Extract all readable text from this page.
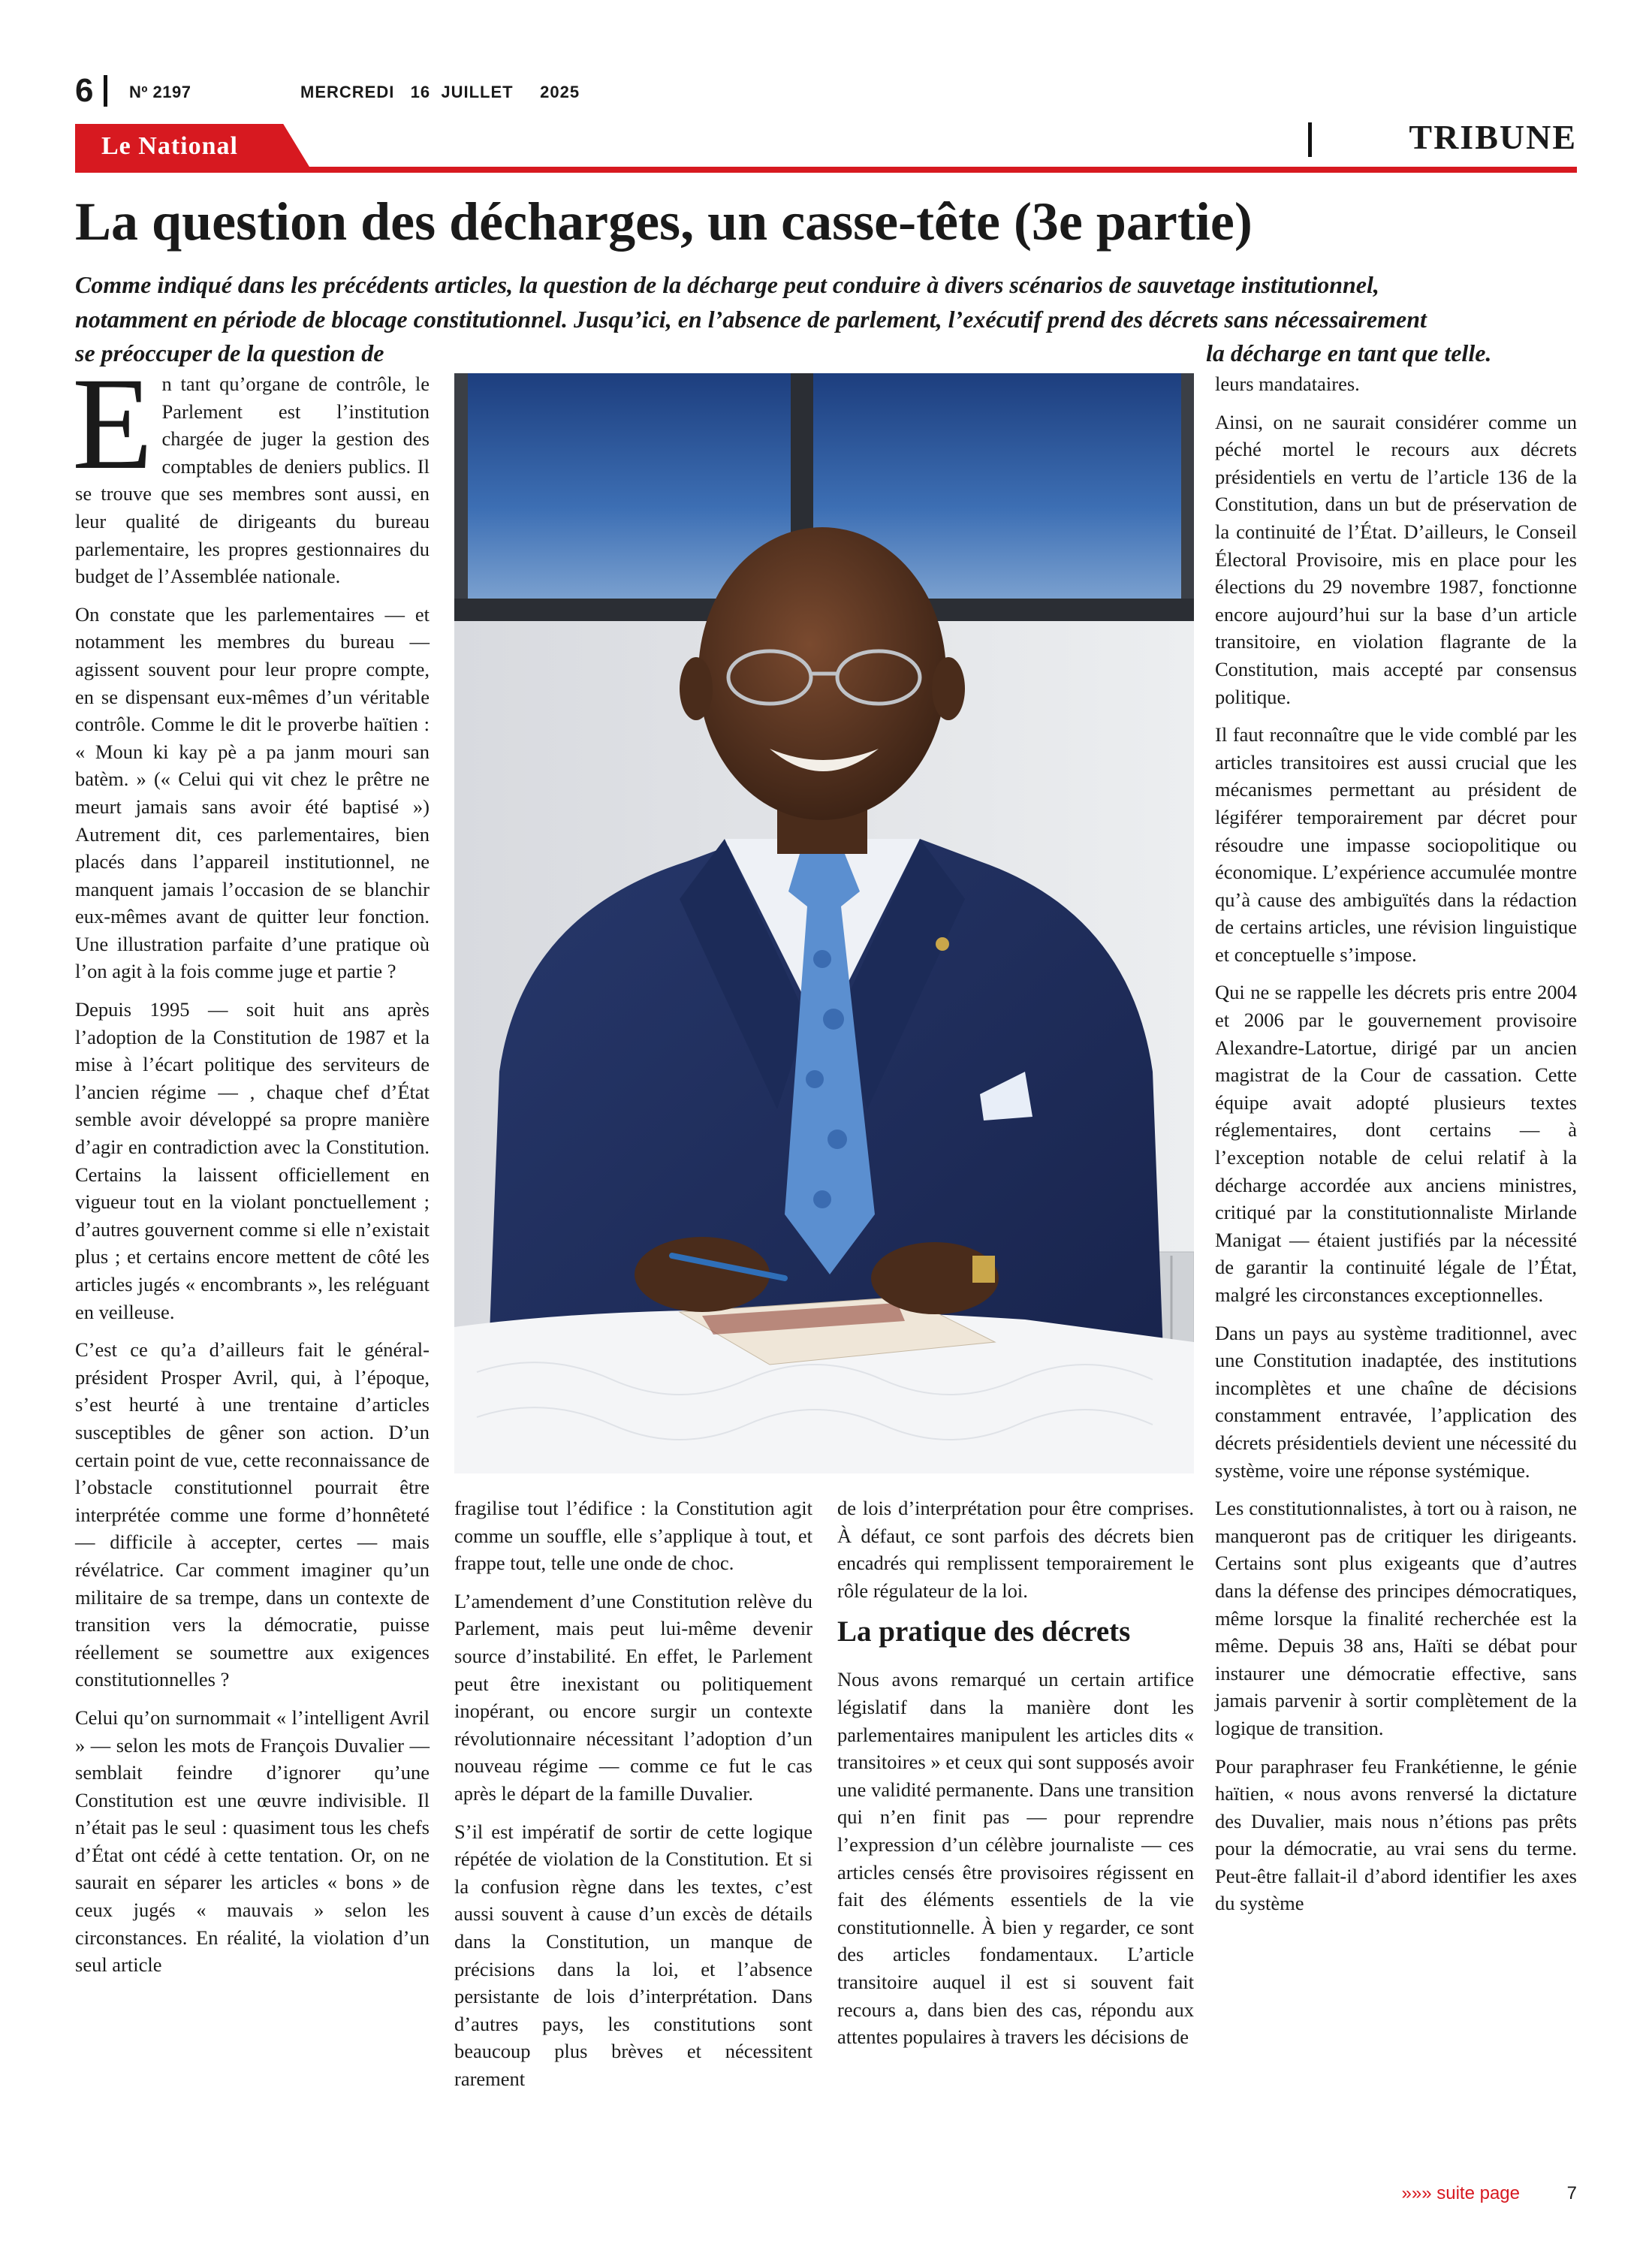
6 Nº 2197	MERCREDI   16  JUILLET     2025
Le National	TRIBUNE
La question des décharges, un casse-tête (3e partie)
Comme indiqué dans les précédents articles, la question de la décharge peut conduire à divers scénarios de sauvetage institutionnel,
notamment en période de blocage constitutionnel. Jusqu’ici, en l’absence de parlement, l’exécutif prend des décrets sans nécessairement
se préoccuper de la question de	la décharge en tant que telle.

En tant qu’organe de contrôle, le Parlement est l’institution chargée de juger la gestion des comptables de deniers publics. Il se trouve que ses membres sont aussi, en leur qualité de dirigeants du bureau parlementaire, les propres gestionnaires du budget de l’Assemblée nationale.

On constate que les parlementaires — et notamment les membres du bureau — agissent souvent pour leur propre compte, en se dispensant eux-mêmes d’un véritable contrôle. Comme le dit le proverbe haïtien : « Moun ki kay pè a pa janm mouri san batèm. » (« Celui qui vit chez le prêtre ne meurt jamais sans avoir été baptisé ») Autrement dit, ces parlementaires, bien placés dans l’appareil institutionnel, ne manquent jamais l’occasion de se blanchir eux-mêmes avant de quitter leur fonction. Une illustration parfaite d’une pratique où l’on agit à la fois comme juge et partie ?

Depuis 1995 — soit huit ans après l’adoption de la Constitution de 1987 et la mise à l’écart politique des serviteurs de l’ancien régime — , chaque chef d’État semble avoir développé sa propre manière d’agir en contradiction avec la Constitution. Certains la laissent officiellement en vigueur tout en la violant ponctuellement ; d’autres gouvernent comme si elle n’existait plus ; et certains encore mettent de côté les articles jugés « encombrants », les reléguant en veilleuse.

C’est ce qu’a d’ailleurs fait le général-président Prosper Avril, qui, à l’époque, s’est heurté à une trentaine d’articles susceptibles de gêner son action. D’un certain point de vue, cette reconnaissance de l’obstacle constitutionnel pourrait être interprétée comme une forme d’honnêteté — difficile à accepter, certes — mais révélatrice. Car comment imaginer qu’un militaire de sa trempe, dans un contexte de transition vers la démocratie, puisse réellement se soumettre aux exigences constitutionnelles ?

Celui qu’on surnommait « l’intelligent Avril » — selon les mots de François Duvalier — semblait feindre d’ignorer qu’une Constitution est une œuvre indivisible. Il n’était pas le seul : quasiment tous les chefs d’État ont cédé à cette tentation. Or, on ne saurait en séparer les articles « bons » de ceux jugés « mauvais » selon les circonstances. En réalité, la violation d’un seul article

fragilise tout l’édifice : la Constitution agit comme un souffle, elle s’applique à tout, et frappe tout, telle une onde de choc.

L’amendement d’une Constitution relève du Parlement, mais peut lui-même devenir source d’instabilité. En effet, le Parlement peut être inexistant ou politiquement inopérant, ou encore surgir un contexte révolutionnaire nécessitant l’adoption d’un nouveau régime — comme ce fut le cas après le départ de la famille Duvalier.

S’il est impératif de sortir de cette logique répétée de violation de la Constitution. Et si la confusion règne dans les textes, c’est aussi souvent à cause d’un excès de détails dans la Constitution, un manque de précisions dans la loi, et l’absence persistante de lois d’interprétation. Dans d’autres pays, les constitutions sont beaucoup plus brèves et nécessitent rarement

de lois d’interprétation pour être comprises. À défaut, ce sont parfois des décrets bien encadrés qui remplissent temporairement le rôle régulateur de la loi.

La pratique des décrets

Nous avons remarqué un certain artifice législatif dans la manière dont les parlementaires manipulent les articles dits « transitoires » et ceux qui sont supposés avoir une validité permanente. Dans une transition qui n’en finit pas — pour reprendre l’expression d’un célèbre journaliste — ces articles censés être provisoires régissent en fait des éléments essentiels de la vie constitutionnelle. À bien y regarder, ce sont des articles fondamentaux. L’article transitoire auquel il est si souvent fait recours a, dans bien des cas, répondu aux attentes populaires à travers les décisions de

leurs mandataires.

Ainsi, on ne saurait considérer comme un péché mortel le recours aux décrets présidentiels en vertu de l’article 136 de la Constitution, dans un but de préservation de la continuité de l’État. D’ailleurs, le Conseil Électoral Provisoire, mis en place pour les élections du 29 novembre 1987, fonctionne encore aujourd’hui sur la base d’un article transitoire, en violation flagrante de la Constitution, mais accepté par consensus politique.

Il faut reconnaître que le vide comblé par les articles transitoires est aussi crucial que les mécanismes permettant au président de légiférer temporairement par décret pour résoudre une impasse sociopolitique ou économique. L’expérience accumulée montre qu’à cause des ambiguïtés dans la rédaction de certains articles, une révision linguistique et conceptuelle s’impose.

Qui ne se rappelle les décrets pris entre 2004 et 2006 par le gouvernement provisoire Alexandre-Latortue, dirigé par un ancien magistrat de la Cour de cassation. Cette équipe avait adopté plusieurs textes réglementaires, dont certains — à l’exception notable de celui relatif à la décharge accordée aux anciens ministres, critiqué par la constitutionnaliste Mirlande Manigat — étaient justifiés par la nécessité de garantir la continuité légale de l’État, malgré les circonstances exceptionnelles.

Dans un pays au système traditionnel, avec une Constitution inadaptée, des institutions incomplètes et une chaîne de décisions constamment entravée, l’application des décrets présidentiels devient une nécessité du système, voire une réponse systémique.

Les constitutionnalistes, à tort ou à raison, ne manqueront pas de critiquer les dirigeants. Certains sont plus exigeants que d’autres dans la défense des principes démocratiques, même lorsque la finalité recherchée est la même. Depuis 38 ans, Haïti se débat pour instaurer une démocratie effective, sans jamais parvenir à sortir complètement de la logique de transition.

Pour paraphraser feu Frankétienne, le génie haïtien, « nous avons renversé la dictature des Duvalier, mais nous n’étions pas prêts pour la démocratie, au vrai sens du terme. Peut-être fallait-il d’abord identifier les axes du système

»»» suite page	7
